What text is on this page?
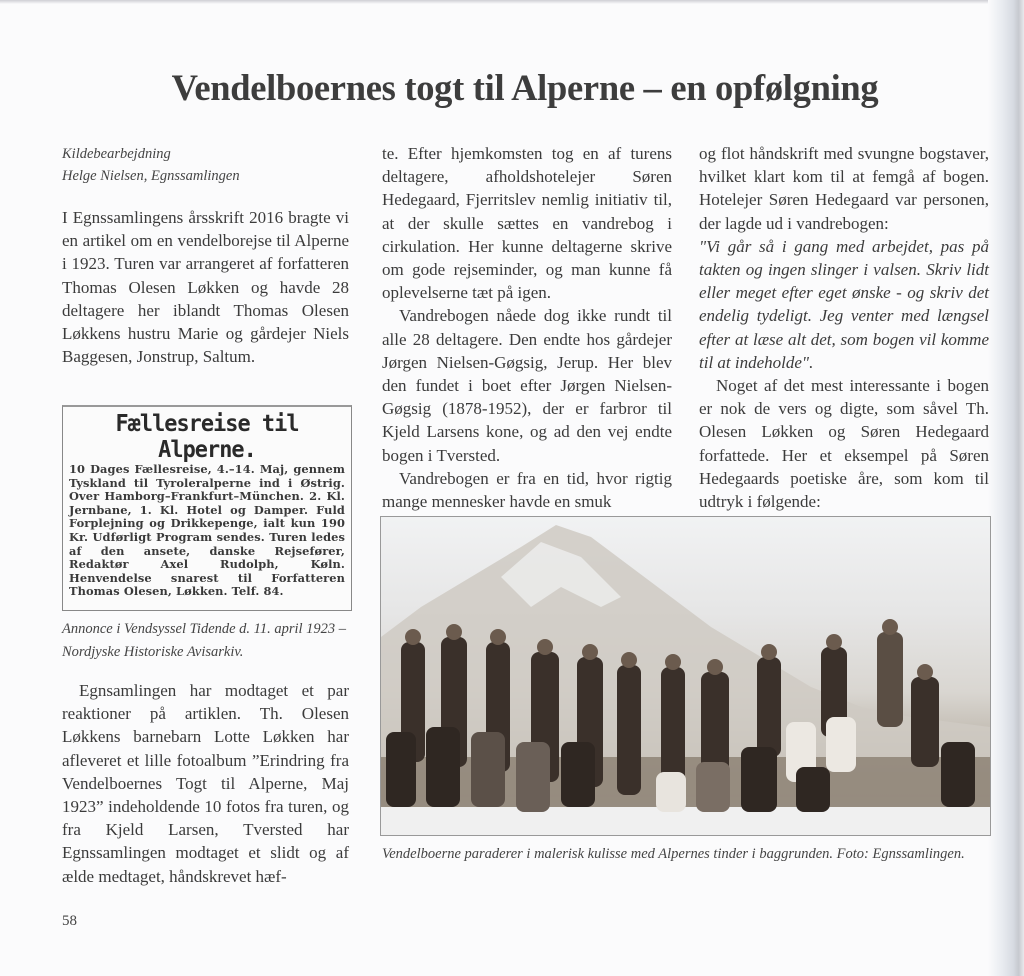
Vendelboernes togt til Alperne – en opfølgning
Kildebearbejdning
Helge Nielsen, Egnssamlingen

I Egnssamlingens årsskrift 2016 bragte vi en artikel om en vendelborejse til Alperne i 1923. Turen var arrangeret af forfatteren Thomas Olesen Løkken og havde 28 deltagere her iblandt Thomas Olesen Løkkens hustru Marie og gårdejer Niels Baggesen, Jonstrup, Saltum.

Fællesreise til Alperne.
10 Dages Fællesreise, 4.–14. Maj, gennem Tyskland til Tyroleralperne ind i Østrig. Over Hamborg–Frankfurt–München. 2. Kl. Jernbane, 1. Kl. Hotel og Damper. Fuld Forplejning og Drikkepenge, ialt kun 190 Kr. Udførligt Program sendes. Turen ledes af den ansete, danske Rejsefører, Redaktør Axel Rudolph, Køln. Henvendelse snarest til Forfatteren Thomas Olesen, Løkken. Telf. 84.
Annonce i Vendsyssel Tidende d. 11. april 1923 – Nordjyske Historiske Avisarkiv.

Egnsamlingen har modtaget et par reaktioner på artiklen. Th. Olesen Løkkens barnebarn Lotte Løkken har afleveret et lille fotoalbum ”Erindring fra Vendelboernes Togt til Alperne, Maj 1923” indeholdende 10 fotos fra turen, og fra Kjeld Larsen, Tversted har Egnssamlingen modtaget et slidt og af ælde medtaget, håndskrevet hæf-

te. Efter hjemkomsten tog en af turens deltagere, afholdshotelejer Søren Hedegaard, Fjerritslev nemlig initiativ til, at der skulle sættes en vandrebog i cirkulation. Her kunne deltagerne skrive om gode rejseminder, og man kunne få oplevelserne tæt på igen.

Vandrebogen nåede dog ikke rundt til alle 28 deltagere. Den endte hos gårdejer Jørgen Nielsen-Gøgsig, Jerup. Her blev den fundet i boet efter Jørgen Nielsen-Gøgsig (1878-1952), der er farbror til Kjeld Larsens kone, og ad den vej endte bogen i Tversted.

Vandrebogen er fra en tid, hvor rigtig mange mennesker havde en smuk

og flot håndskrift med svungne bogstaver, hvilket klart kom til at femgå af bogen. Hotelejer Søren Hedegaard var personen, der lagde ud i vandrebogen:

"Vi går så i gang med arbejdet, pas på takten og ingen slinger i valsen. Skriv lidt eller meget efter eget ønske - og skriv det endelig tydeligt. Jeg venter med længsel efter at læse alt det, som bogen vil komme til at indeholde".

Noget af det mest interessante i bogen er nok de vers og digte, som såvel Th. Olesen Løkken og Søren Hedegaard forfattede. Her et eksempel på Søren Hedegaards poetiske åre, som kom til udtryk i følgende:

Vendelboerne paraderer i malerisk kulisse med Alpernes tinder i baggrunden. Foto: Egnssamlingen.
58
